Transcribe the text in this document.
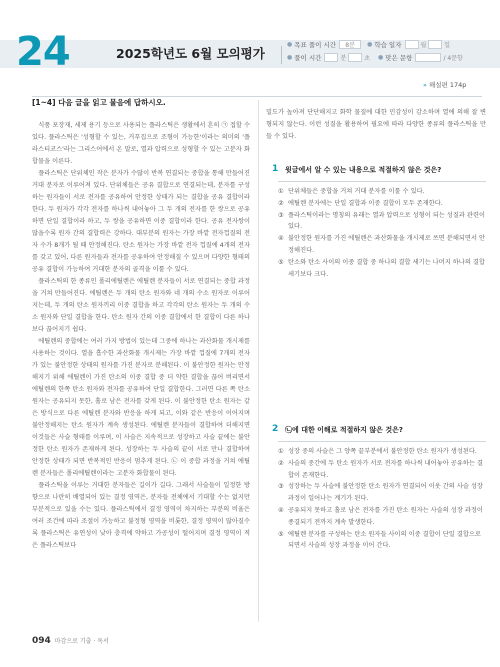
24	2025학년도 6월 모의평가
● 목표 풀이 시간	8분	● 학습 일자	월	일
● 풀이 시간	분	초 ● 맞은 문항	/ 4문항
» 해설편 174p
[1~4] 다음 글을 읽고 물음에 답하시오.

식품 포장재, 세제 용기 등으로 사용되는 플라스틱은 생활에서 흔히 ㉠ 접할 수 있다. 플라스틱은 '성형할 수 있는, 거푸집으로 조형이 가능한'이라는 의미의 '플라스티코스'라는 그리스어에서 온 말로, 열과 압력으로 성형할 수 있는 고분자 화합물을 이른다.

플라스틱은 단위체인 작은 분자가 수많이 반복 연결되는 중합을 통해 만들어진 거대 분자로 이루어져 있다. 단위체들은 공유 결합으로 연결되는데, 분자를 구성하는 원자들이 서로 전자를 공유하여 안정한 상태가 되는 결합을 공유 결합이라 한다. 두 원자가 각각 전자를 하나씩 내어놓아 그 두 개의 전자를 한 쌍으로 공유하면 단일 결합이라 하고, 두 쌍을 공유하면 이중 결합이라 한다. 공유 전자쌍이 많을수록 원자 간의 결합력은 강하다. 대부분의 원자는 가장 바깥 전자껍질의 전자 수가 8개가 될 때 안정해진다. 탄소 원자는 가장 바깥 전자 껍질에 4개의 전자를 갖고 있어, 다른 원자들과 전자를 공유하여 안정해질 수 있으며 다양한 형태의 공유 결합이 가능하여 거대한 분자의 골격을 이룰 수 있다.

플라스틱의 한 종류인 폴리에틸렌은 에틸렌 분자들이 서로 연결되는 중합 과정을 거쳐 만들어진다. 에틸렌은 두 개의 탄소 원자와 네 개의 수소 원자로 이루어지는데, 두 개의 탄소 원자끼리 이중 결합을 하고 각각의 탄소 원자는 두 개의 수소 원자와 단일 결합을 한다. 탄소 원자 간의 이중 결합에서 한 결합이 다른 하나보다 끊어지기 쉽다.

에틸렌의 중합에는 여러 가지 방법이 있는데 그중에 하나는 과산화물 개시제를 사용하는 것이다. 열을 흡수한 과산화물 개시제는 가장 바깥 껍질에 7개의 전자가 있는 불안정한 상태의 원자를 가진 분자로 분해된다. 이 불안정한 원자는 안정해지기 위해 에틸렌이 가진 탄소의 이중 결합 중 더 약한 결합을 끊어 버리면서 에틸렌의 한쪽 탄소 원자와 전자를 공유하여 단일 결합한다. 그러면 다른 쪽 탄소 원자는 공유되지 못한, 홀로 남은 전자를 갖게 된다. 이 불안정한 탄소 원자는 같은 방식으로 다른 에틸렌 분자와 반응을 하게 되고, 이와 같은 반응이 이어지며 불안정해지는 탄소 원자가 계속 생성된다. 에틸렌 분자들이 결합하여 더해지면 이것들은 사슬 형태를 이루며, 이 사슬은 지속적으로 성장하고 사슬 끝에는 불안정한 탄소 원자가 존재하게 된다. 성장하는 두 사슬의 끝이 서로 만나 결합하여 안정한 상태가 되면 반복적인 반응이 멈추게 된다. ㉡ 이 중합 과정을 거쳐 에틸렌 분자들은 폴리에틸렌이라는 고분자 화합물이 된다.

플라스틱을 이루는 거대한 분자들은 길이가 길다. 그래서 사슬들이 일정한 방향으로 나란히 배열되어 있는 결정 영역은, 분자들 전체에서 기대할 수는 없지만 부분적으로 있을 수는 있다. 플라스틱에서 결정 영역이 차지하는 부분의 비율은 여러 조건에 따라 조절이 가능하고 불정형 영역을 비롯한, 결정 영역이 많아질수록 플라스틱은 유연성이 낮아 충격에 약하고 가공성이 떨어지며 결정 영역이 적은 플라스틱보다

밀도가 높아져 단단해지고 화학 물질에 대한 민감성이 감소하며 열에 의해 잘 변형되지 않는다. 이런 성질을 활용하여 필요에 따라 다양한 종류의 플라스틱을 만들 수 있다.
1 윗글에서 알 수 있는 내용으로 적절하지 않은 것은?
① 단위체들은 중합을 거쳐 거대 분자를 이룰 수 있다.
② 에틸렌 분자에는 단일 결합과 이중 결합이 모두 존재한다.
③ 플라스틱이라는 명칭의 유래는 열과 압력으로 성형이 되는 성질과 관련이 있다.
④ 불안정한 원자를 가진 에틸렌은 과산화물을 개시제로 쓰면 분해되면서 안정해진다.
⑤ 탄소와 탄소 사이의 이중 결합 중 하나의 결합 세기는 나머지 하나의 결합 세기보다 크다.
2 ㉡에 대한 이해로 적절하지 않은 것은?
① 성장 중의 사슬은 그 양쪽 끝부분에서 불안정한 탄소 원자가 생성된다.
② 사슬의 중간에 두 탄소 원자가 서로 전자를 하나씩 내어놓아 공유하는 결합이 존재한다.
③ 성장하는 두 사슬에 불안정한 탄소 원자가 연결되어 이웃 간의 사슬 성장 과정이 일어나는 계기가 된다.
④ 공유되지 못하고 홀로 남은 전자를 가진 탄소 원자는 사슬의 성장 과정이 종결되기 전까지 계속 발생한다.
⑤ 에틸렌 분자를 구성하는 탄소 원자들 사이의 이중 결합이 단일 결합으로 되면서 사슬의 성장 과정을 이어 간다.
094 마감으로 기출 · 독서
